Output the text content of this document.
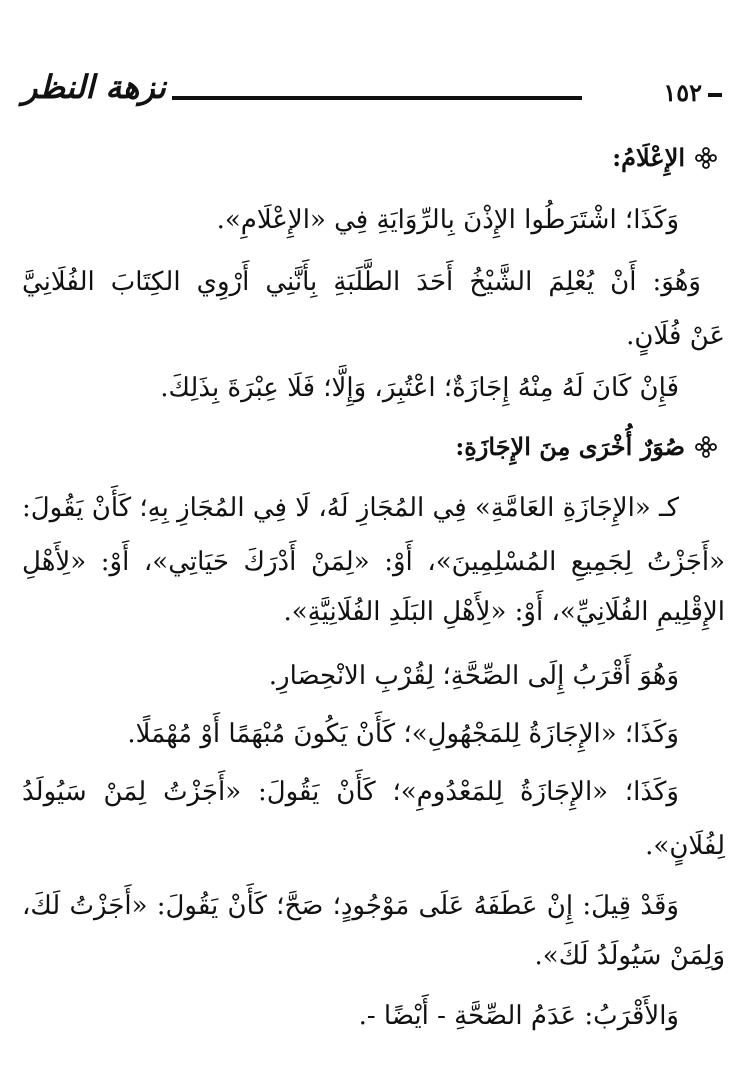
١٥٢
نزهة النظر
الإِعْلَامُ:
وَكَذَا؛ اشْتَرَطُوا الإِذْنَ بِالرِّوَايَةِ فِي «الإِعْلَامِ».
وَهُوَ: أَنْ يُعْلِمَ الشَّيْخُ أَحَدَ الطَّلَبَةِ بِأَنَّنِي أَرْوِي الكِتَابَ الفُلَانِيَّ
عَنْ فُلَانٍ.
فَإِنْ كَانَ لَهُ مِنْهُ إِجَازَةٌ؛ اعْتُبِرَ، وَإِلَّا؛ فَلَا عِبْرَةَ بِذَلِكَ.
صُوَرٌ أُخْرَى مِنَ الإِجَازَةِ:
كـ «الإِجَازَةِ العَامَّةِ» فِي المُجَازِ لَهُ، لَا فِي المُجَازِ بِهِ؛ كَأَنْ يَقُولَ:
«أَجَزْتُ لِجَمِيعِ المُسْلِمِينَ»، أَوْ: «لِمَنْ أَدْرَكَ حَيَاتِي»، أَوْ: «لِأَهْلِ
الإِقْلِيمِ الفُلَانِيِّ»، أَوْ: «لِأَهْلِ البَلَدِ الفُلَانِيَّةِ».
وَهُوَ أَقْرَبُ إِلَى الصِّحَّةِ؛ لِقُرْبِ الانْحِصَارِ.
وَكَذَا؛ «الإِجَازَةُ لِلمَجْهُولِ»؛ كَأَنْ يَكُونَ مُبْهَمًا أَوْ مُهْمَلًا.
وَكَذَا؛ «الإِجَازَةُ لِلمَعْدُومِ»؛ كَأَنْ يَقُولَ: «أَجَزْتُ لِمَنْ سَيُولَدُ
لِفُلَانٍ».
وَقَدْ قِيلَ: إِنْ عَطَفَهُ عَلَى مَوْجُودٍ؛ صَحَّ؛ كَأَنْ يَقُولَ: «أَجَزْتُ لَكَ،
وَلِمَنْ سَيُولَدُ لَكَ».
وَالأَقْرَبُ: عَدَمُ الصِّحَّةِ - أَيْضًا -.
